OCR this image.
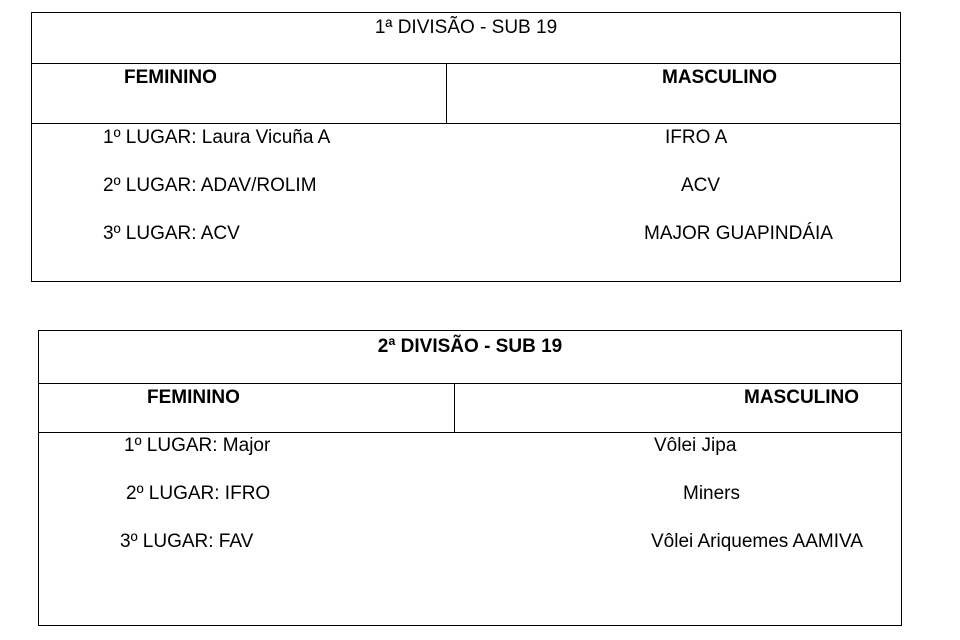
1ª DIVISÃO - SUB 19
FEMININO	MASCULINO
1º LUGAR: Laura Vicuña A
2º LUGAR: ADAV/ROLIM
3º LUGAR: ACV
IFRO A
ACV
MAJOR GUAPINDÁIA
2ª DIVISÃO - SUB 19
FEMININO	MASCULINO
1º LUGAR: Major
2º LUGAR: IFRO
3º LUGAR: FAV
Vôlei Jipa
Miners
Vôlei Ariquemes AAMIVA
